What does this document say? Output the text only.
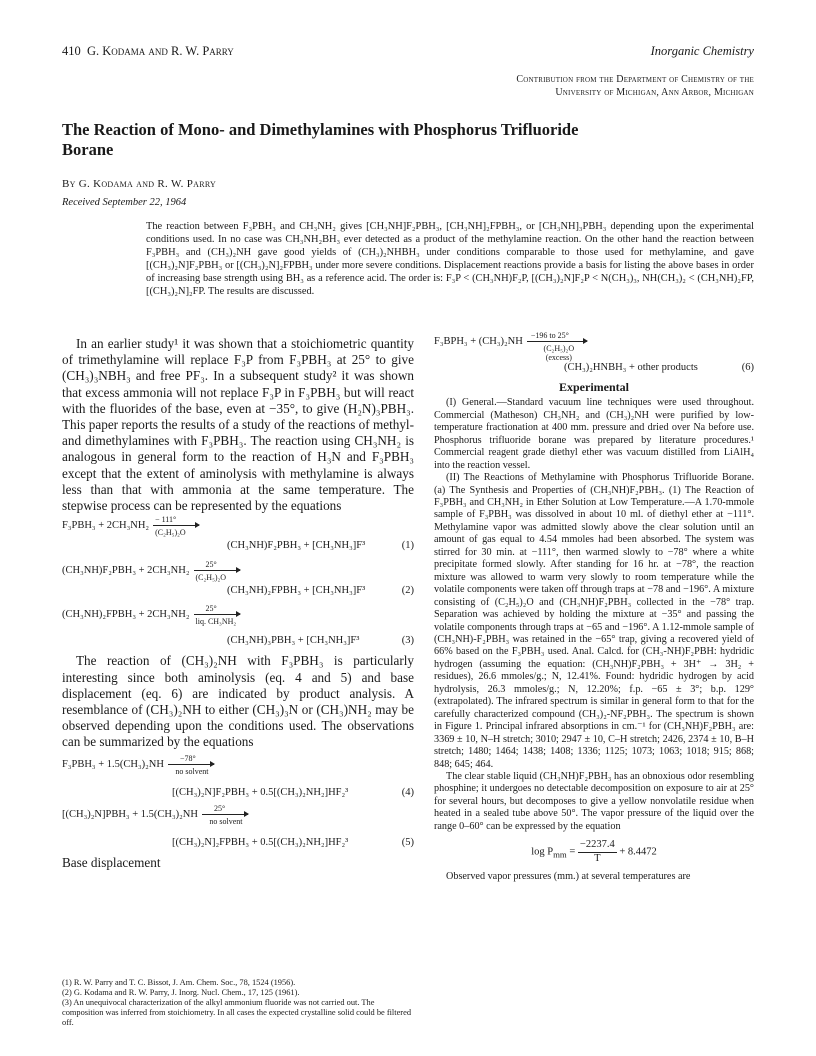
410 G. Kodama and R. W. Parry	Inorganic Chemistry
Contribution from the Department of Chemistry of the
University of Michigan, Ann Arbor, Michigan
The Reaction of Mono- and Dimethylamines with Phosphorus Trifluoride Borane
By G. Kodama and R. W. Parry
Received September 22, 1964
The reaction between F₃PBH₃ and CH₃NH₂ gives [CH₃NH]F₂PBH₃, [CH₃NH]₂FPBH₃, or [CH₃NH]₃PBH₃ depending upon the experimental conditions used. In no case was CH₃NH₂BH₃ ever detected as a product of the methylamine reaction. On the other hand the reaction between F₃PBH₃ and (CH₃)₂NH gave good yields of (CH₃)₂NHBH₃ under conditions comparable to those used for methylamine, and gave [(CH₃)₂N]F₂PBH₃ or [(CH₃)₂N]₂FPBH₃ under more severe conditions. Displacement reactions provide a basis for listing the above bases in order of increasing base strength using BH₃ as a reference acid. The order is: F₃P < (CH₃NH)F₂P, [(CH₃)₂N]F₂P < N(CH₃)₃, NH(CH₃)₂ < (CH₃NH)₂FP, [(CH₃)₂N]₂FP. The results are discussed.

In an earlier study¹ it was shown that a stoichiometric quantity of trimethylamine will replace F₃P from F₃PBH₃ at 25° to give (CH₃)₃NBH₃ and free PF₃. In a subsequent study² it was shown that excess ammonia will not replace F₃P in F₃PBH₃ but will react with the fluorides of the base, even at −35°, to give (H₂N)₃PBH₃. This paper reports the results of a study of the reactions of methyl- and dimethylamines with F₃PBH₃. The reaction using CH₃NH₂ is analogous in general form to the reaction of H₃N and F₃PBH₃ except that the extent of aminolysis with methylamine is always less than that with ammonia at the same temperature. The stepwise process can be represented by the equations

F₃PBH₃ + 2CH₃NH₂
− 111°
(C₂H₅)₂O
(CH₃NH)F₂PBH₃ + [CH₃NH₃]F³	(1)
(CH₃NH)F₂PBH₃ + 2CH₃NH₂
25°
(C₂H₅)₂O
(CH₃NH)₂FPBH₃ + [CH₃NH₃]F³	(2)
(CH₃NH)₂FPBH₃ + 2CH₃NH₂
25°
liq. CH₃NH₂
(CH₃NH)₃PBH₃ + [CH₃NH₃]F³	(3)

The reaction of (CH₃)₂NH with F₃PBH₃ is particularly interesting since both aminolysis (eq. 4 and 5) and base displacement (eq. 6) are indicated by product analysis. A resemblance of (CH₃)₂NH to either (CH₃)₃N or (CH₃)NH₂ may be observed depending upon the conditions used. The observations can be summarized by the equations

F₃PBH₃ + 1.5(CH₃)₂NH
−78°
no solvent
[(CH₃)₂N]F₂PBH₃ + 0.5[(CH₃)₂NH₂]HF₂³	(4)
[(CH₃)₂N]PBH₃ + 1.5(CH₃)₂NH
25°
no solvent
[(CH₃)₂N]₂FPBH₃ + 0.5[(CH₃)₂NH₂]HF₂³	(5)
Base displacement
(1) R. W. Parry and T. C. Bissot, J. Am. Chem. Soc., 78, 1524 (1956).
(2) G. Kodama and R. W. Parry, J. Inorg. Nucl. Chem., 17, 125 (1961).
(3) An unequivocal characterization of the alkyl ammonium fluoride was not carried out. The composition was inferred from stoichiometry. In all cases the expected crystalline solid could be filtered off.
F₃BPH₃ + (CH₃)₂NH
−196 to 25°
(C₂H₅)₂O (excess)
(CH₃)₂HNBH₃ + other products	(6)
Experimental

(I) General.—Standard vacuum line techniques were used throughout. Commercial (Matheson) CH₃NH₂ and (CH₃)₂NH were purified by low-temperature fractionation at 400 mm. pressure and dried over Na before use. Phosphorus trifluoride borane was prepared by literature procedures.¹ Commercial reagent grade diethyl ether was vacuum distilled from LiAlH₄ into the reaction vessel.

(II) The Reactions of Methylamine with Phosphorus Trifluoride Borane. (a) The Synthesis and Properties of (CH₃NH)F₂PBH₃. (1) The Reaction of F₃PBH₃ and CH₃NH₂ in Ether Solution at Low Temperature.—A 1.70-mmole sample of F₃PBH₃ was dissolved in about 10 ml. of diethyl ether at −111°. Methylamine vapor was admitted slowly above the clear solution until an amount of gas equal to 4.54 mmoles had been absorbed. The system was stirred for 30 min. at −111°, then warmed slowly to −78° where a white precipitate formed slowly. After standing for 16 hr. at −78°, the reaction mixture was allowed to warm very slowly to room temperature while the volatile components were taken off through traps at −78 and −196°. A mixture consisting of (C₂H₅)₂O and (CH₃NH)F₂PBH₃ collected in the −78° trap. Separation was achieved by holding the mixture at −35° and passing the volatile components through traps at −65 and −196°. A 1.12-mmole sample of (CH₃NH)-F₂PBH₃ was retained in the −65° trap, giving a recovered yield of 66% based on the F₃PBH₃ used. Anal. Calcd. for (CH₃-NH)F₂PBH: hydridic hydrogen (assuming the equation: (CH₃NH)F₂PBH₃ + 3H⁺ → 3H₂ + residues), 26.6 mmoles/g.; N, 12.41%. Found: hydridic hydrogen by acid hydrolysis, 26.3 mmoles/g.; N, 12.20%; f.p. −65 ± 3°; b.p. 129° (extrapolated). The infrared spectrum is similar in general form to that for the carefully characterized compound (CH₃)₂-NF₂PBH₃. The spectrum is shown in Figure 1. Principal infrared absorptions in cm.⁻¹ for (CH₃NH)F₂PBH₃ are: 3369 ± 10, N–H stretch; 3010; 2947 ± 10, C–H stretch; 2426, 2374 ± 10, B–H stretch; 1480; 1464; 1438; 1408; 1336; 1125; 1073; 1063; 1018; 915; 868; 848; 645; 464.

The clear stable liquid (CH₃NH)F₂PBH₃ has an obnoxious odor resembling phosphine; it undergoes no detectable decomposition on exposure to air at 25° for several hours, but decomposes to give a yellow nonvolatile residue when heated in a sealed tube above 50°. The vapor pressure of the liquid over the range 0–60° can be expressed by the equation

$\log P_{mm} = \frac{-2237.4}{T} + 8.4472$

Observed vapor pressures (mm.) at several temperatures are
